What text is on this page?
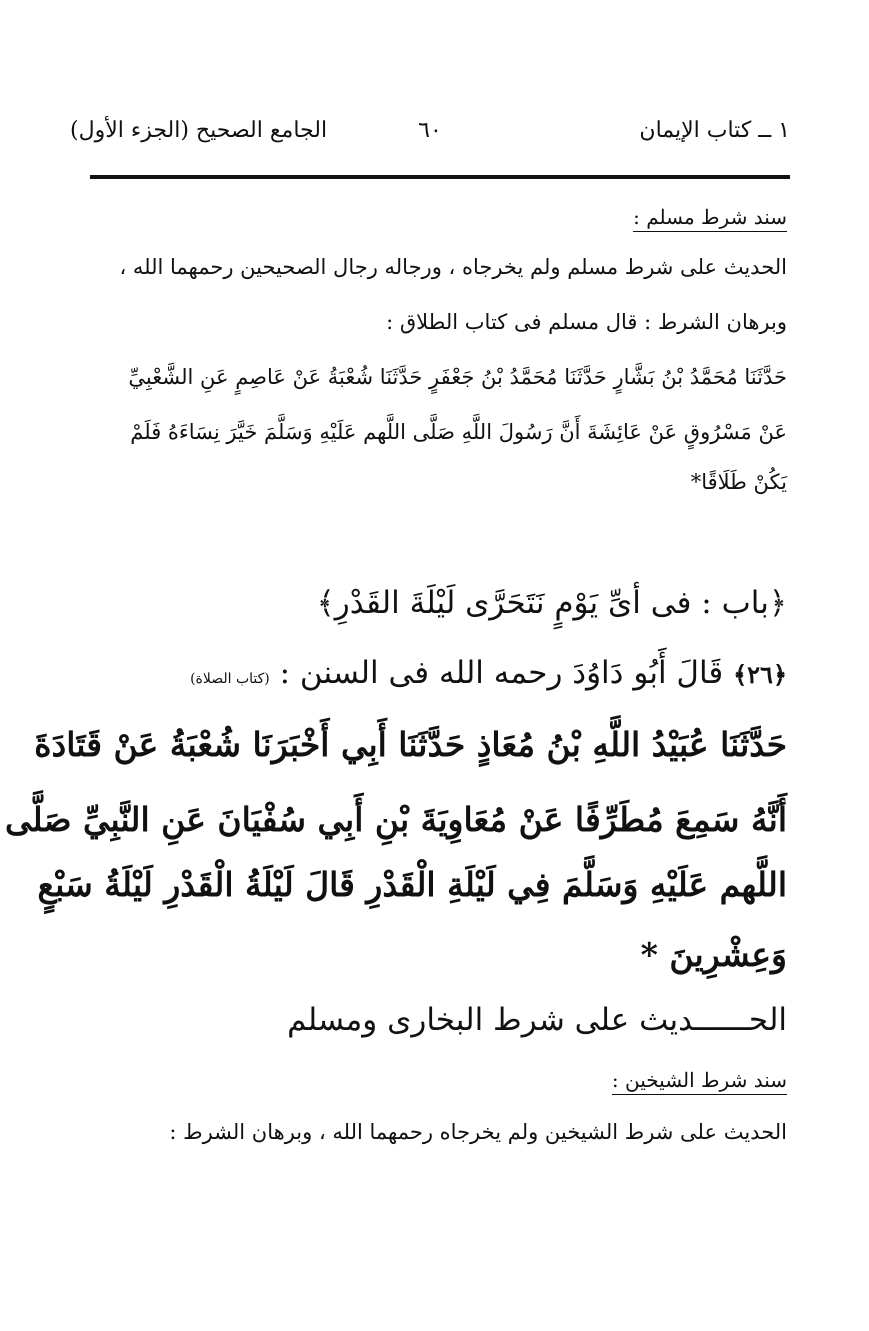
١ ــ كتاب الإيمان
٦٠
الجامع الصحيح (الجزء الأول)
سند شرط مسلم :
الحديث على شرط مسلم ولم يخرجاه ، ورجاله رجال الصحيحين رحمهما الله ،
وبرهان الشرط : قال مسلم فى كتاب الطلاق :
حَدَّثَنَا مُحَمَّدُ بْنُ بَشَّارٍ حَدَّثَنَا مُحَمَّدُ بْنُ جَعْفَرٍ حَدَّثَنَا شُعْبَةُ عَنْ عَاصِمٍ عَنِ الشَّعْبِيِّ
عَنْ مَسْرُوقٍ عَنْ عَائِشَةَ أَنَّ رَسُولَ اللَّهِ صَلَّى اللَّهم عَلَيْهِ وَسَلَّمَ خَيَّرَ نِسَاءَهُ فَلَمْ
يَكُنْ طَلَاقًا*
﴿باب : فى أىِّ يَوْمٍ نَتَحَرَّى لَيْلَةَ القَدْرِ﴾
﴿٢٦﴾ قَالَ أَبُو دَاوُدَ رحمه الله فى السنن : (كتاب الصلاة)
حَدَّثَنَا عُبَيْدُ اللَّهِ بْنُ مُعَاذٍ حَدَّثَنَا أَبِي أَخْبَرَنَا شُعْبَةُ عَنْ قَتَادَةَ
أَنَّهُ سَمِعَ مُطَرِّفًا عَنْ مُعَاوِيَةَ بْنِ أَبِي سُفْيَانَ عَنِ النَّبِيِّ صَلَّى
اللَّهم عَلَيْهِ وَسَلَّمَ فِي لَيْلَةِ الْقَدْرِ قَالَ لَيْلَةُ الْقَدْرِ لَيْلَةُ سَبْعٍ
وَعِشْرِينَ *
الحــــــديث على شرط البخارى ومسلم
سند شرط الشيخين :
الحديث على شرط الشيخين ولم يخرجاه رحمهما الله ، وبرهان الشرط :
